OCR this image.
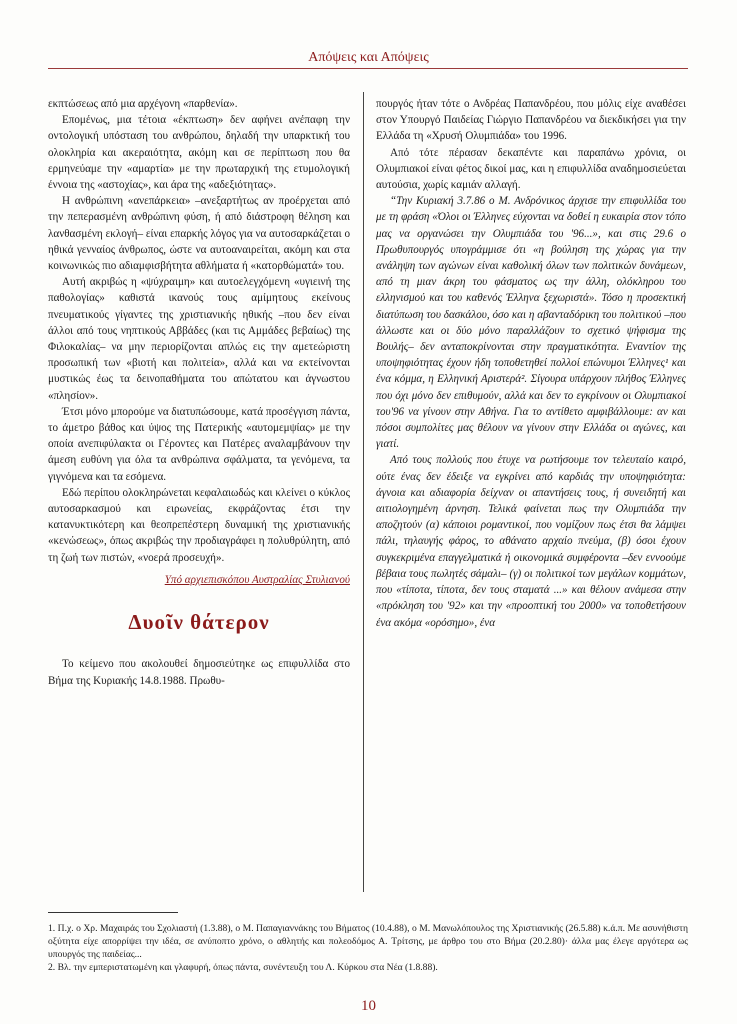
Απόψεις και Απόψεις

εκπτώσεως από μια αρχέγονη «παρθενία».

Επομένως, μια τέτοια «έκπτωση» δεν αφήνει ανέπαφη την οντολογική υπόσταση του ανθρώπου, δηλαδή την υπαρκτική του ολοκληρία και ακεραιότητα, ακόμη και σε περίπτωση που θα ερμηνεύαμε την «αμαρτία» με την πρωταρχική της ετυμολογική έννοια της «αστοχίας», και άρα της «αδεξιότητας».

Η ανθρώπινη «ανεπάρκεια» –ανεξαρτήτως αν προέρχεται από την πεπερασμένη ανθρώπινη φύση, ή από διάστροφη θέληση και λανθασμένη εκλογή– είναι επαρκής λόγος για να αυτοσαρκάζεται ο ηθικά γενναίος άνθρωπος, ώστε να αυτοαναιρείται, ακόμη και στα κοινωνικώς πιο αδιαμφισβήτητα αθλήματα ή «κατορθώματά» του.

Αυτή ακριβώς η «ψύχραιμη» και αυτοελεγχόμενη «υγιεινή της παθολογίας» καθιστά ικανούς τους αμίμητους εκείνους πνευματικούς γίγαντες της χριστιανικής ηθικής –που δεν είναι άλλοι από τους νηπτικούς Αββάδες (και τις Αμμάδες βεβαίως) της Φιλοκαλίας– να μην περιορίζονται απλώς εις την αμετεώριστη προσωπική των «βιοτή και πολιτεία», αλλά και να εκτείνονται μυστικώς έως τα δεινοπαθήματα του απώτατου και άγνωστου «πλησίον».

Έτσι μόνο μπορούμε να διατυπώσουμε, κατά προσέγγιση πάντα, το άμετρο βάθος και ύψος της Πατερικής «αυτομεμψίας» με την οποία ανεπιφύλακτα οι Γέροντες και Πατέρες αναλαμβάνουν την άμεση ευθύνη για όλα τα ανθρώπινα σφάλματα, τα γενόμενα, τα γιγνόμενα και τα εσόμενα.

Εδώ περίπου ολοκληρώνεται κεφαλαιωδώς και κλείνει ο κύκλος αυτοσαρκασμού και ειρωνείας, εκφράζοντας έτσι την κατανυκτικότερη και θεοπρεπέστερη δυναμική της χριστιανικής «κενώσεως», όπως ακριβώς την προδιαγράφει η πολυθρύλητη, από τη ζωή των πιστών, «νοερά προσευχή».

Υπό αρχιεπισκόπου Αυστραλίας Στυλιανού

Δυοῖν θάτερον

Το κείμενο που ακολουθεί δημοσιεύτηκε ως επιφυλλίδα στο Βήμα της Κυριακής 14.8.1988. Πρωθυ-

πουργός ήταν τότε ο Ανδρέας Παπανδρέου, που μόλις είχε αναθέσει στον Υπουργό Παιδείας Γιώργιο Παπανδρέου να διεκδικήσει για την Ελλάδα τη «Χρυσή Ολυμπιάδα» του 1996.

Από τότε πέρασαν δεκαπέντε και παραπάνω χρόνια, οι Ολυμπιακοί είναι φέτος δικοί μας, και η επιφυλλίδα αναδημοσιεύεται αυτούσια, χωρίς καμιάν αλλαγή.

“Την Κυριακή 3.7.86 ο Μ. Ανδρόνικος άρχισε την επιφυλλίδα του με τη φράση «Όλοι οι Έλληνες εύχονται να δοθεί η ευκαιρία στον τόπο μας να οργανώσει την Ολυμπιάδα του '96...», και στις 29.6 ο Πρωθυπουργός υπογράμμισε ότι «η βούληση της χώρας για την ανάληψη των αγώνων είναι καθολική όλων των πολιτικών δυνάμεων, από τη μιαν άκρη του φάσματος ως την άλλη, ολόκληρου του ελληνισμού και του καθενός Έλληνα ξεχωριστά». Τόσο η προσεκτική διατύπωση του δασκάλου, όσο και η αβανταδόρικη του πολιτικού –που άλλωστε και οι δύο μόνο παραλλάζουν το σχετικό ψήφισμα της Βουλής– δεν ανταποκρίνονται στην πραγματικότητα. Εναντίον της υποψηφιότητας έχουν ήδη τοποθετηθεί πολλοί επώνυμοι Έλληνες¹ και ένα κόμμα, η Ελληνική Αριστερά². Σίγουρα υπάρχουν πλήθος Έλληνες που όχι μόνο δεν επιθυμούν, αλλά και δεν το εγκρίνουν οι Ολυμπιακοί του'96 να γίνουν στην Αθήνα. Για το αντίθετο αμφιβάλλουμε: αν και πόσοι συμπολίτες μας θέλουν να γίνουν στην Ελλάδα οι αγώνες, και γιατί.

Από τους πολλούς που έτυχε να ρωτήσουμε τον τελευταίο καιρό, ούτε ένας δεν έδειξε να εγκρίνει από καρδιάς την υποψηφιότητα: άγνοια και αδιαφορία δείχναν οι απαντήσεις τους, ή συνειδητή και αιτιολογημένη άρνηση. Τελικά φαίνεται πως την Ολυμπιάδα την αποζητούν (α) κάποιοι ρομαντικοί, που νομίζουν πως έτσι θα λάμψει πάλι, τηλαυγής φάρος, το αθάνατο αρχαίο πνεύμα, (β) όσοι έχουν συγκεκριμένα επαγγελματικά ή οικονομικά συμφέροντα –δεν εννοούμε βέβαια τους πωλητές σάμαλι– (γ) οι πολιτικοί των μεγάλων κομμάτων, που «τίποτα, τίποτα, δεν τους σταματά ...» και θέλουν ανάμεσα στην «πρόκληση του '92» και την «προοπτική του 2000» να τοποθετήσουν ένα ακόμα «ορόσημο», ένα

1. Π.χ. ο Χρ. Μαχαιράς του Σχολιαστή (1.3.88), ο Μ. Παπαγιαννάκης του Βήματος (10.4.88), ο Μ. Μανωλόπουλος της Χριστιανικής (26.5.88) κ.ά.π. Με ασυνήθιστη οξύτητα είχε απορρίψει την ιδέα, σε ανύποπτο χρόνο, ο αθλητής και πολεοδόμος Α. Τρίτσης, με άρθρο του στο Βήμα (20.2.80)· άλλα μας έλεγε αργότερα ως υπουργός της παιδείας...

2. Βλ. την εμπεριστατωμένη και γλαφυρή, όπως πάντα, συνέντευξη του Λ. Κύρκου στα Νέα (1.8.88).

10
